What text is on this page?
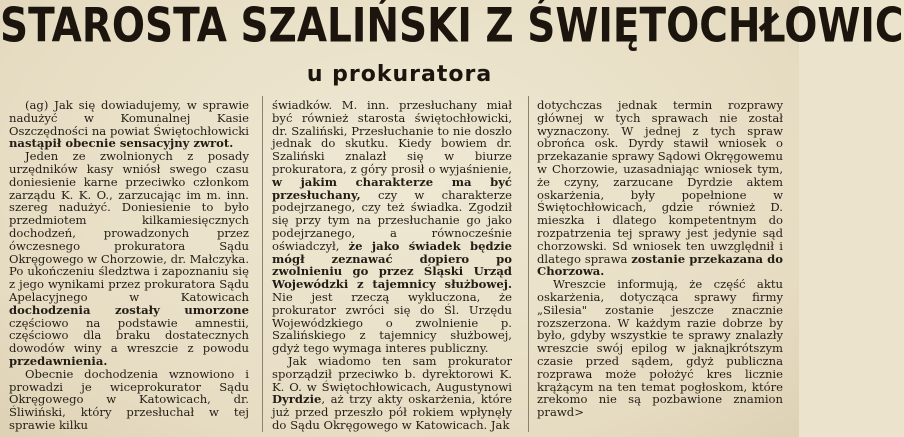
STAROSTA SZALIŃSKI Z ŚWIĘTOCHŁOWIC
u prokuratora

(ag) Jak się dowiadujemy, w sprawie nadużyć w Komunalnej Kasie Oszczędności na powiat Świętochłowicki nastąpił obecnie sensacyjny zwrot.

Jeden ze zwolnionych z posady urzędników kasy wniósł swego czasu doniesienie karne przeciwko członkom zarządu K. K. O., zarzucając im m. inn. szereg nadużyć. Doniesienie to było przedmiotem kilkamiesięcznych dochodzeń, prowadzonych przez ówczesnego prokuratora Sądu Okręgowego w Chorzowie, dr. Małczyka. Po ukończeniu śledztwa i zapoznaniu się z jego wynikami przez prokuratora Sądu Apelacyjnego w Katowicach dochodzenia zostały umorzone częściowo na podstawie amnestii, częściowo dla braku dostatecznych dowodów winy a wreszcie z powodu przedawnienia.

Obecnie dochodzenia wznowiono i prowadzi je wiceprokurator Sądu Okręgowego w Katowicach, dr. Śliwiński, który przesłuchał w tej sprawie kilku

świadków. M. inn. przesłuchany miał być również starosta świętochłowicki, dr. Szaliński, Przesłuchanie to nie doszło jednak do skutku. Kiedy bowiem dr. Szaliński znalazł się w biurze prokuratora, z góry prosił o wyjaśnienie, w jakim charakterze ma być przesłuchany, czy w charakterze podejrzanego, czy też świadka. Zgodził się przy tym na przesłuchanie go jako podejrzanego, a równocześnie oświadczył, że jako świadek będzie mógł zeznawać dopiero po zwolnieniu go przez Śląski Urząd Wojewódzki z tajemnicy służbowej. Nie jest rzeczą wykluczona, że prokurator zwróci się do Śl. Urzędu Wojewódzkiego o zwolnienie p. Szalińskiego z tajemnicy służbowej, gdyż tego wymaga interes publiczny.

Jak wiadomo ten sam prokurator sporządził przeciwko b. dyrektorowi K. K. O. w Świętochłowicach, Augustynowi Dyrdzie, aż trzy akty oskarżenia, które już przed przeszło pół rokiem wpłynęły do Sądu Okręgowego w Katowicach. Jak

dotychczas jednak termin rozprawy głównej w tych sprawach nie został wyznaczony. W jednej z tych spraw obrońca osk. Dyrdy stawił wniosek o przekazanie sprawy Sądowi Okręgowemu w Chorzowie, uzasadniając wniosek tym, że czyny, zarzucane Dyrdzie aktem oskarżenia, były popełnione w Świętochłowicach, gdzie również D. mieszka i dlatego kompetentnym do rozpatrzenia tej sprawy jest jedynie sąd chorzowski. Sd wniosek ten uwzględnił i dlatego sprawa zostanie przekazana do Chorzowa.

Wreszcie informują, że część aktu oskarżenia, dotycząca sprawy firmy „Silesia" zostanie jeszcze znacznie rozszerzona. W każdym razie dobrze by było, gdyby wszystkie te sprawy znalazły wreszcie swój epilog w jaknajkrótszym czasie przed sądem, gdyż publiczna rozprawa może położyć kres licznie krążącym na ten temat pogłoskom, które zrekomo nie są pozbawione znamion prawd>
